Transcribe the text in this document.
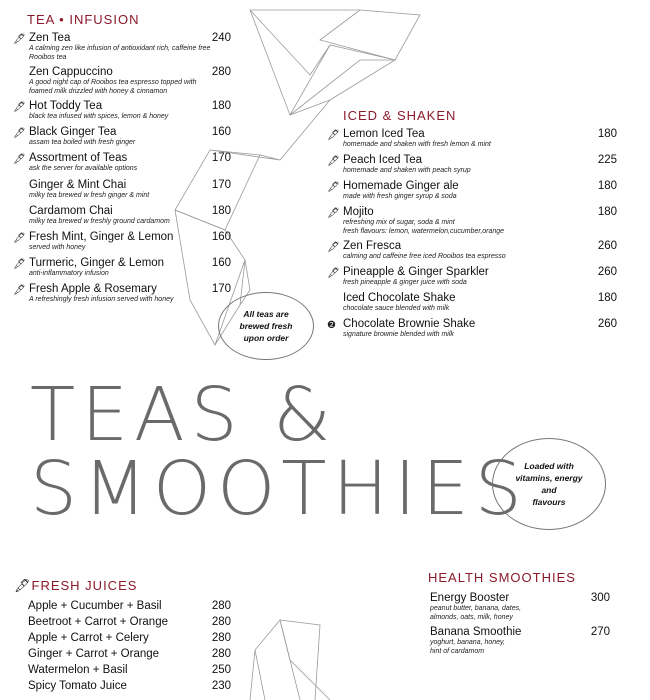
TEA • INFUSION
🖋 Zen Tea	240
A calming zen like infusion of antioxidant rich, caffeine free
Rooibos tea
Zen Cappuccino	280
A good night cap of Rooibos tea espresso topped with
foamed milk drizzled with honey & cinnamon
🖋 Hot Toddy Tea	180
black tea infused with spices, lemon & honey
🖋 Black Ginger Tea	160
assam tea boiled with fresh ginger
🖋 Assortment of Teas	170
ask the server for available options
Ginger & Mint Chai	170
milky tea brewed w fresh ginger & mint
Cardamom Chai	180
milky tea brewed w freshly ground cardamom
🖋 Fresh Mint, Ginger & Lemon	160
served with honey
🖋 Turmeric, Ginger & Lemon	160
anti-inflammatory infusion
🖋 Fresh Apple & Rosemary	170
A refreshingly fresh infusion served with honey
All teas are
brewed fresh
upon order
ICED & SHAKEN
🖋 Lemon Iced Tea	180
homemade and shaken with fresh lemon & mint
🖋 Peach Iced Tea	225
homemade and shaken with peach syrup
🖋 Homemade Ginger ale	180
made with fresh ginger syrup & soda
🖋 Mojito	180
refreshing mix of sugar, soda & mint
fresh flavours: lemon, watermelon,cucumber,orange
🖋 Zen Fresca	260
calming and caffeine free iced Rooibos tea espresso
🖋 Pineapple & Ginger Sparkler	260
fresh pineapple & ginger juice with soda
Iced Chocolate Shake	180
chocolate sauce blended with milk
❷ Chocolate Brownie Shake	260
signature brownie blended with milk
TEAS &
SMOOTHIES
Loaded with
vitamins, energy
and
flavours
🖋FRESH JUICES
Apple + Cucumber + Basil	280
Beetroot + Carrot + Orange	280
Apple + Carrot + Celery	280
Ginger + Carrot + Orange	280
Watermelon + Basil	250
Spicy Tomato Juice	230
HEALTH SMOOTHIES
Energy Booster	300
peanut butter, banana, dates,
almonds, oats, milk, honey
Banana Smoothie	270
yoghurt, banana, honey,
hint of cardamom
